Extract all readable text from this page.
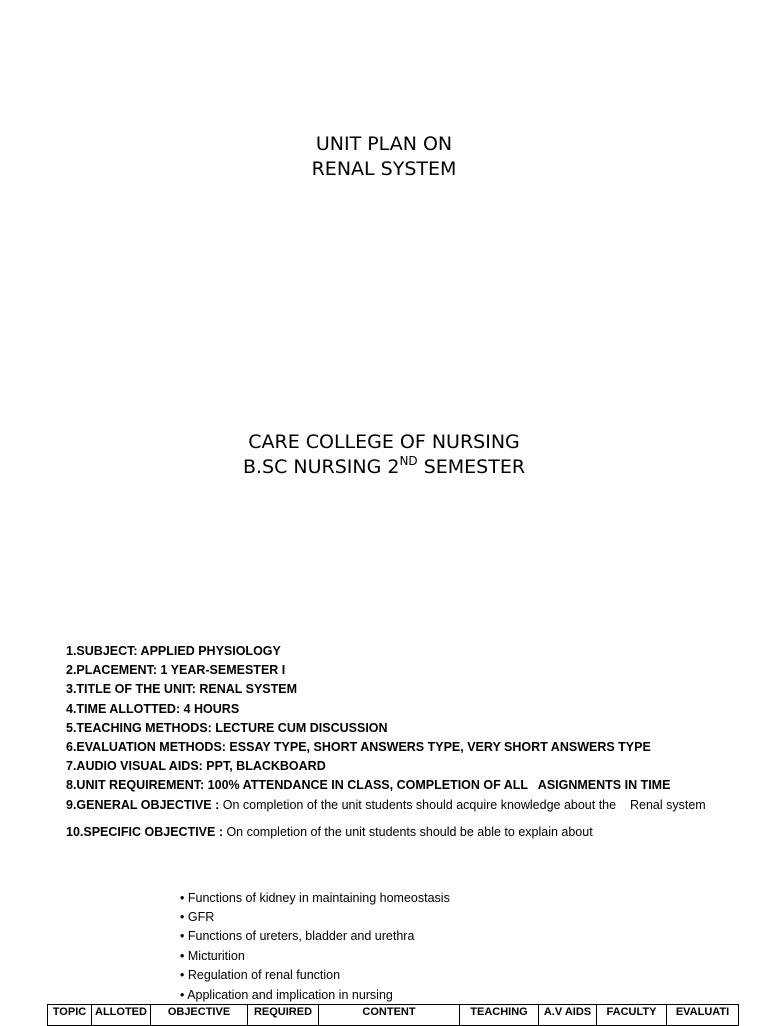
UNIT PLAN ON
RENAL SYSTEM
CARE COLLEGE OF NURSING
B.SC NURSING 2ND SEMESTER
1.SUBJECT: APPLIED PHYSIOLOGY
2.PLACEMENT: 1 YEAR-SEMESTER I
3.TITLE OF THE UNIT: RENAL SYSTEM
4.TIME ALLOTTED: 4 HOURS
5.TEACHING METHODS: LECTURE CUM DISCUSSION
6.EVALUATION METHODS: ESSAY TYPE, SHORT ANSWERS TYPE, VERY SHORT ANSWERS TYPE
7.AUDIO VISUAL AIDS: PPT, BLACKBOARD
8.UNIT REQUIREMENT: 100% ATTENDANCE IN CLASS, COMPLETION OF ALL   ASIGNMENTS IN TIME
9.GENERAL OBJECTIVE : On completion of the unit students should acquire knowledge about the    Renal system
10.SPECIFIC OBJECTIVE : On completion of the unit students should be able to explain about
• Functions of kidney in maintaining homeostasis
• GFR
• Functions of ureters, bladder and urethra
• Micturition
• Regulation of renal function
• Application and implication in nursing
TOPIC	ALLOTED	OBJECTIVE	REQUIRED	CONTENT	TEACHING	A.V AIDS	FACULTY	EVALUATI
